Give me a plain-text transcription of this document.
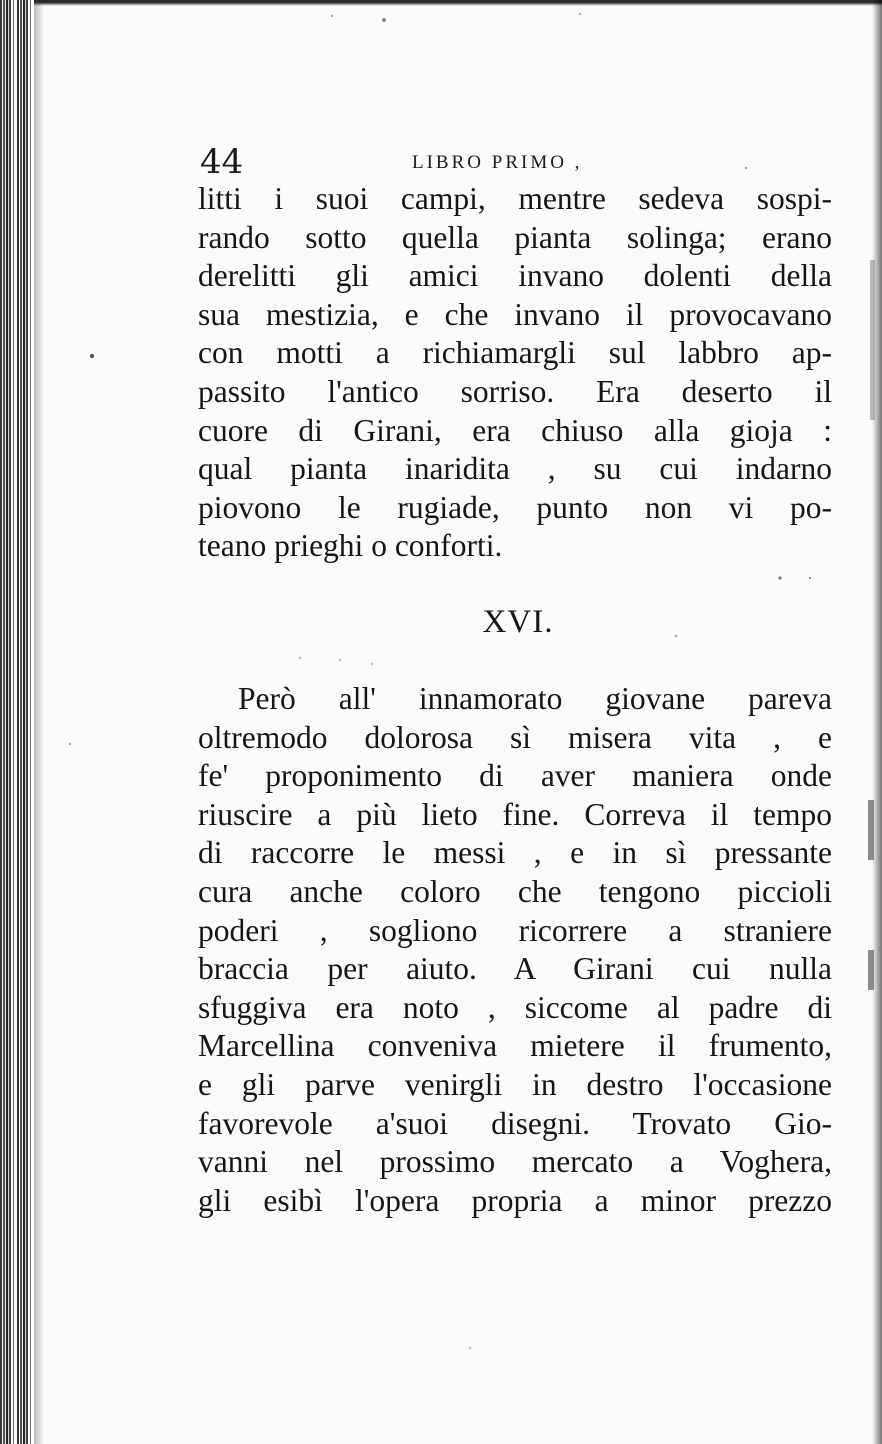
44	LIBRO PRIMO ,
litti i suoi campi, mentre sedeva sospi-
rando sotto quella pianta solinga; erano
derelitti gli amici invano dolenti della
sua mestizia, e che invano il provocavano
con motti a richiamargli sul labbro ap-
passito l'antico sorriso. Era deserto il
cuore di Girani, era chiuso alla gioja :
qual pianta inaridita , su cui indarno
piovono le rugiade, punto non vi po-
teano prieghi o conforti.
XVI.
Però all' innamorato giovane pareva
oltremodo dolorosa sì misera vita , e
fe' proponimento di aver maniera onde
riuscire a più lieto fine. Correva il tempo
di raccorre le messi , e in sì pressante
cura anche coloro che tengono piccioli
poderi , sogliono ricorrere a straniere
braccia per aiuto. A Girani cui nulla
sfuggiva era noto , siccome al padre di
Marcellina conveniva mietere il frumento,
e gli parve venirgli in destro l'occasione
favorevole a'suoi disegni. Trovato Gio-
vanni nel prossimo mercato a Voghera,
gli esibì l'opera propria a minor prezzo
